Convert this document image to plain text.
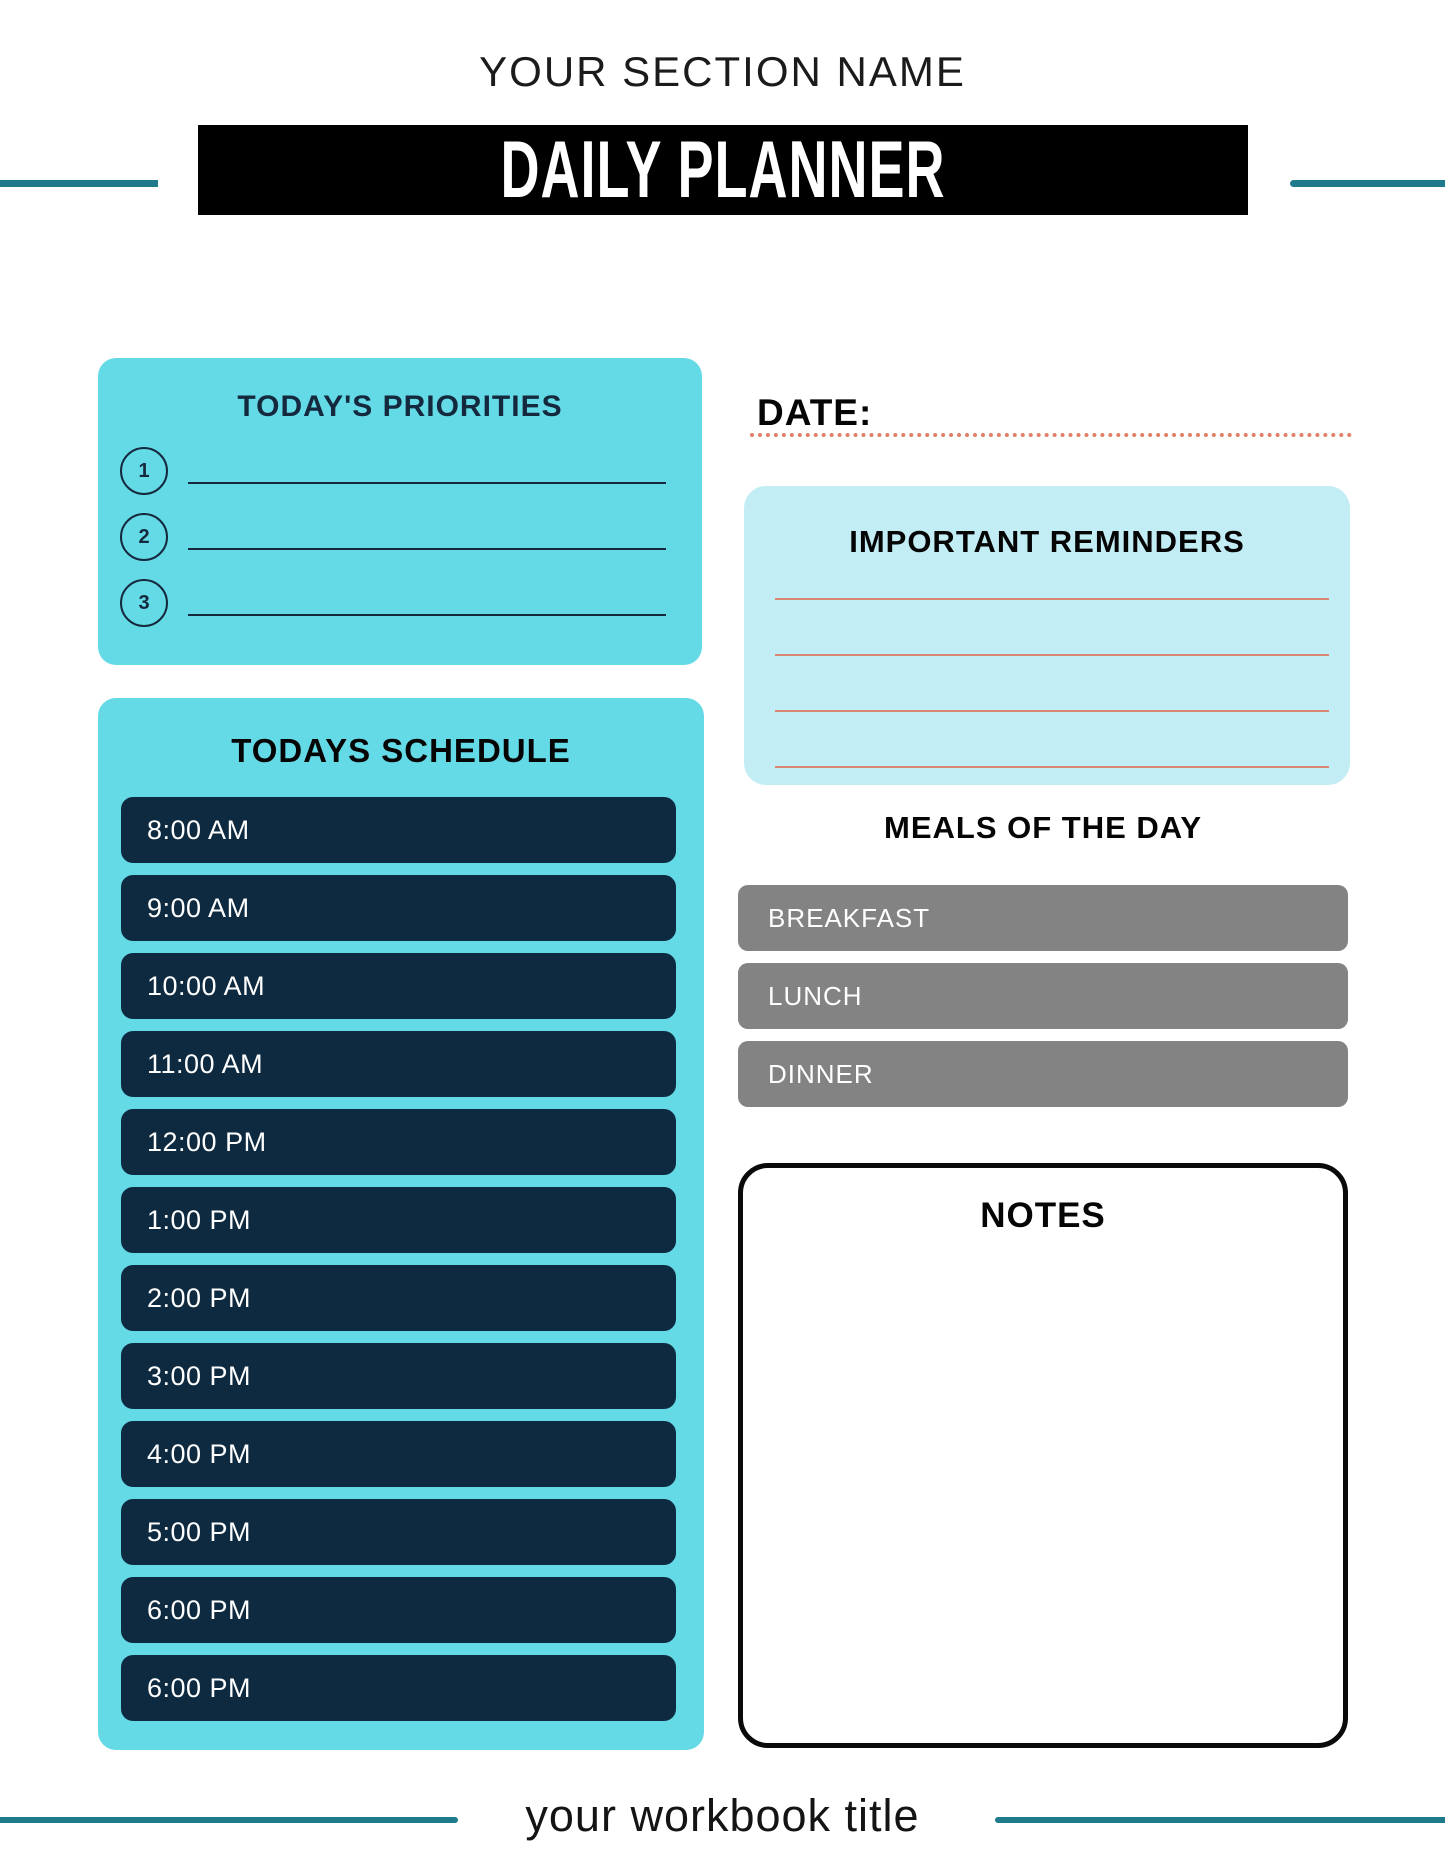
YOUR SECTION NAME
DAILY PLANNER
TODAY'S PRIORITIES
1
2
3
TODAYS SCHEDULE
8:00 AM
9:00 AM
10:00 AM
11:00 AM
12:00 PM
1:00 PM
2:00 PM
3:00 PM
4:00 PM
5:00 PM
6:00 PM
6:00 PM
DATE:
IMPORTANT REMINDERS
MEALS OF THE DAY
BREAKFAST
LUNCH
DINNER
NOTES
your workbook title
